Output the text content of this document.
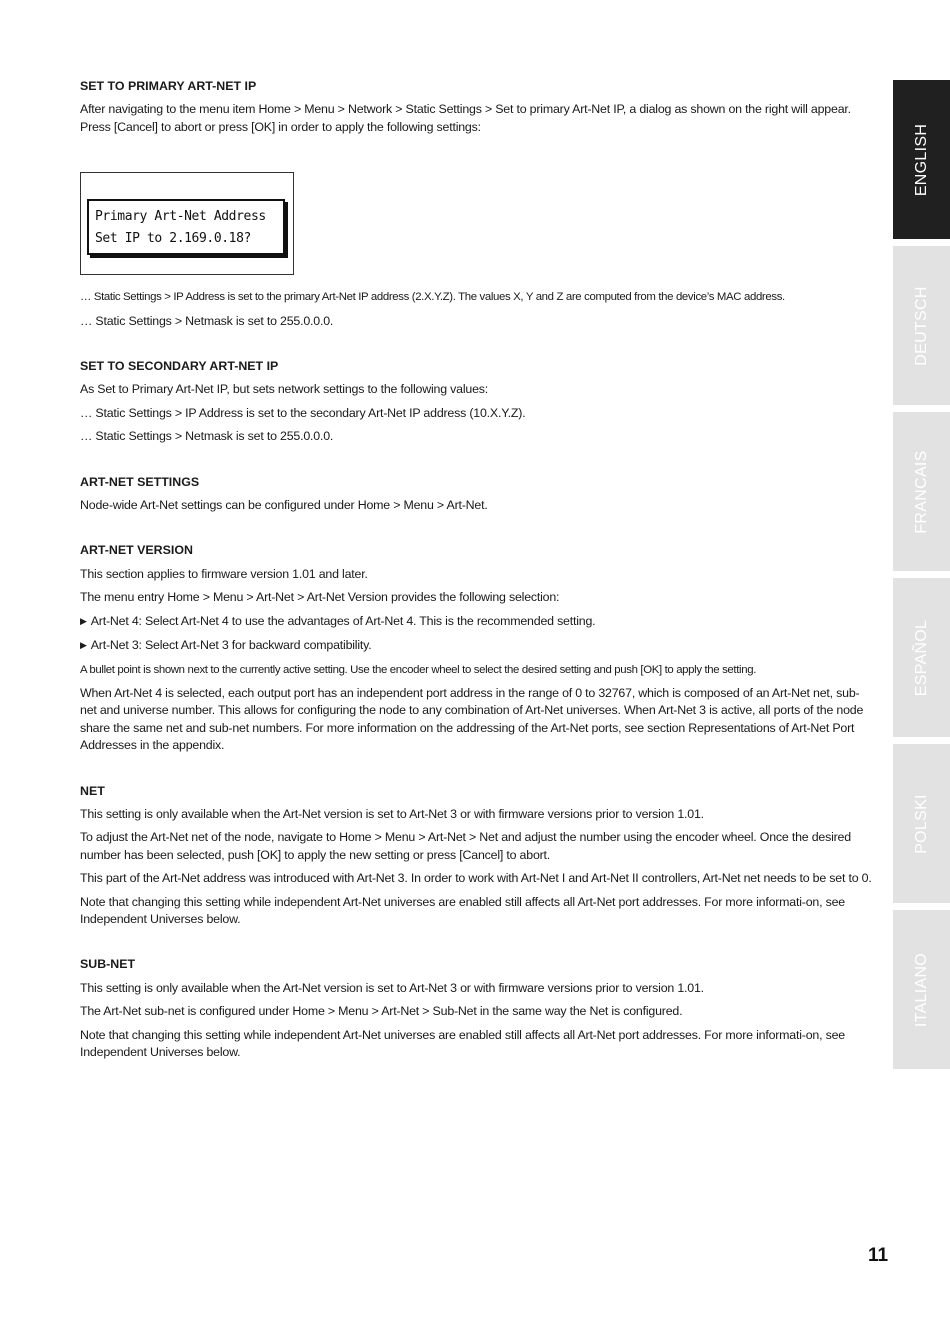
SET TO PRIMARY ART-NET IP

After navigating to the menu item Home > Menu > Network > Static Settings > Set to primary Art-Net IP, a dialog as shown on the right will appear. Press [Cancel] to abort or press [OK] in order to apply the following settings:

Primary Art-Net Address
Set IP to 2.169.0.18?

… Static Settings > IP Address is set to the primary Art-Net IP address (2.X.Y.Z). The values X, Y and Z are computed from the device’s MAC address.

… Static Settings > Netmask is set to 255.0.0.0.

SET TO SECONDARY ART-NET IP

As Set to Primary Art-Net IP, but sets network settings to the following values:

… Static Settings > IP Address is set to the secondary Art-Net IP address (10.X.Y.Z).

… Static Settings > Netmask is set to 255.0.0.0.

ART-NET SETTINGS

Node-wide Art-Net settings can be configured under Home > Menu > Art-Net.

ART-NET VERSION

This section applies to firmware version 1.01 and later.

The menu entry Home > Menu > Art-Net > Art-Net Version provides the following selection:

▶ Art-Net 4: Select Art-Net 4 to use the advantages of Art-Net 4. This is the recommended setting.

▶ Art-Net 3: Select Art-Net 3 for backward compatibility.

A bullet point is shown next to the currently active setting. Use the encoder wheel to select the desired setting and push [OK] to apply the setting.

When Art-Net 4 is selected, each output port has an independent port address in the range of 0 to 32767, which is composed of an Art-Net net, sub-net and universe number. This allows for configuring the node to any combination of Art-Net universes. When Art-Net 3 is active, all ports of the node share the same net and sub-net numbers. For more information on the addressing of the Art-Net ports, see section Representations of Art-Net Port Addresses in the appendix.

NET

This setting is only available when the Art-Net version is set to Art-Net 3 or with firmware versions prior to version 1.01.

To adjust the Art-Net net of the node, navigate to Home > Menu > Art-Net > Net and adjust the number using the encoder wheel. Once the desired number has been selected, push [OK] to apply the new setting or press [Cancel] to abort.

This part of the Art-Net address was introduced with Art-Net 3. In order to work with Art-Net I and Art-Net II controllers, Art-Net net needs to be set to 0.

Note that changing this setting while independent Art-Net universes are enabled still affects all Art-Net port addresses. For more informati-on, see Independent Universes below.

SUB-NET

This setting is only available when the Art-Net version is set to Art-Net 3 or with firmware versions prior to version 1.01.

The Art-Net sub-net is configured under Home > Menu > Art-Net > Sub-Net in the same way the Net is configured.

Note that changing this setting while independent Art-Net universes are enabled still affects all Art-Net port addresses. For more informati-on, see Independent Universes below.

ENGLISH
DEUTSCH
FRANCAIS
ESPAÑOL
POLSKI
ITALIANO
11
